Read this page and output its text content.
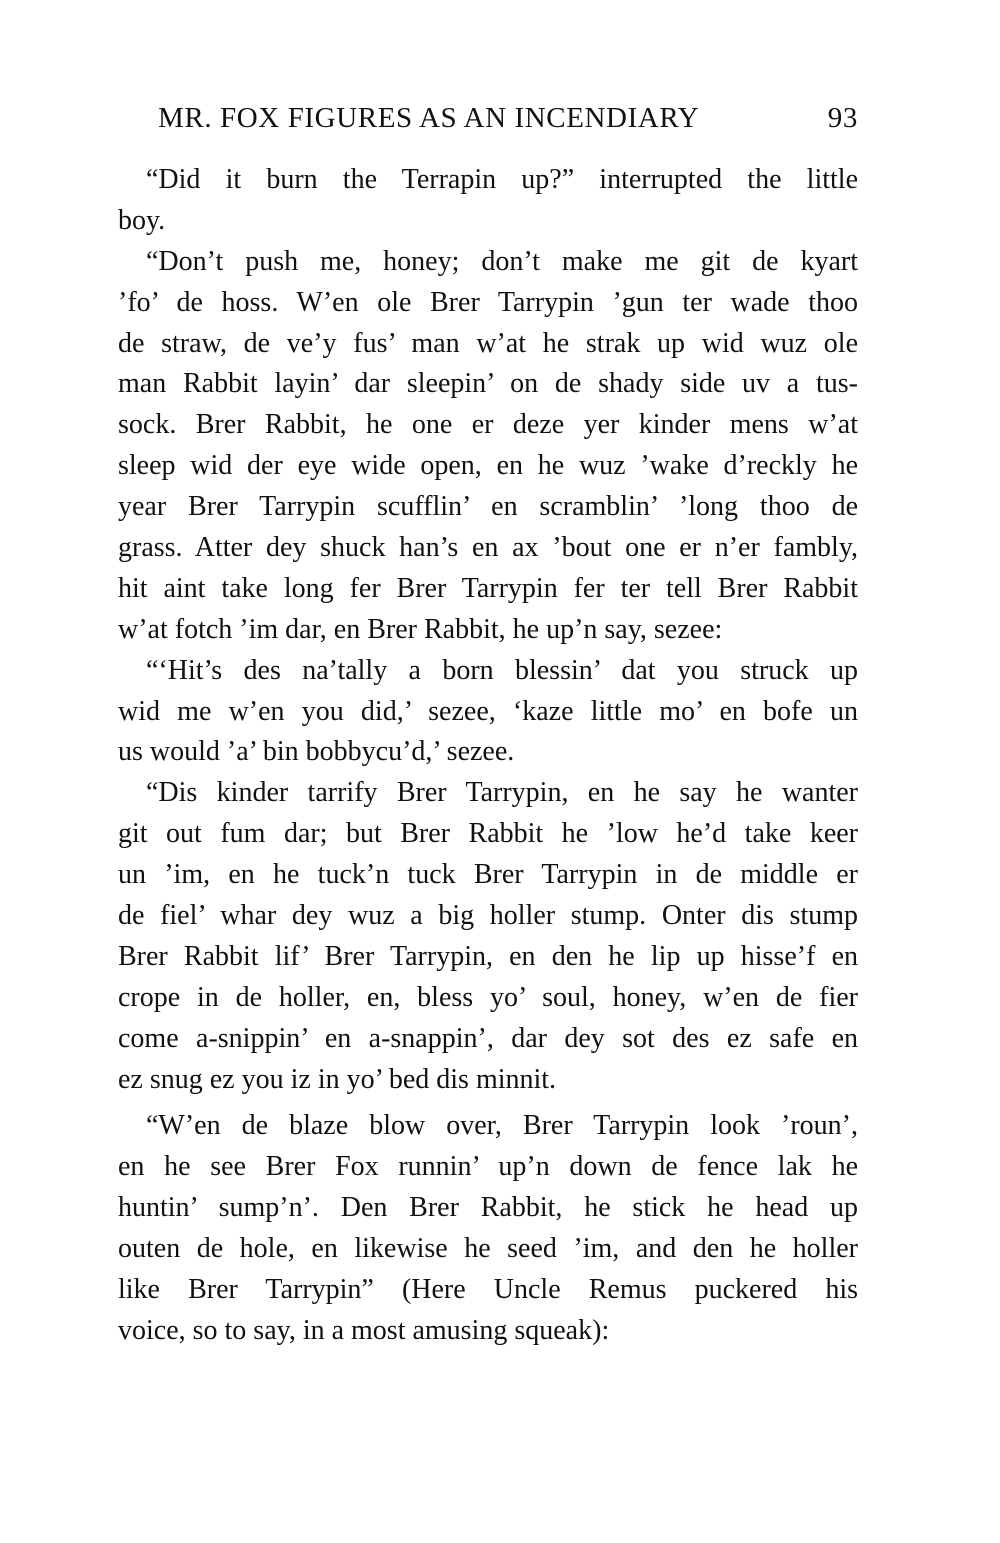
MR. FOX FIGURES AS AN INCENDIARY	93
“Did it burn the Terrapin up?” interrupted the little
boy.
“Don’t push me, honey; don’t make me git de kyart
’fo’ de hoss. W’en ole Brer Tarrypin ’gun ter wade thoo
de straw, de ve’y fus’ man w’at he strak up wid wuz ole
man Rabbit layin’ dar sleepin’ on de shady side uv a tus-
sock. Brer Rabbit, he one er deze yer kinder mens w’at
sleep wid der eye wide open, en he wuz ’wake d’reckly he
year Brer Tarrypin scufflin’ en scramblin’ ’long thoo de
grass. Atter dey shuck han’s en ax ’bout one er n’er fambly,
hit aint take long fer Brer Tarrypin fer ter tell Brer Rabbit
w’at fotch ’im dar, en Brer Rabbit, he up’n say, sezee:
“‘Hit’s des na’tally a born blessin’ dat you struck up
wid me w’en you did,’ sezee, ‘kaze little mo’ en bofe un
us would ’a’ bin bobbycu’d,’ sezee.
“Dis kinder tarrify Brer Tarrypin, en he say he wanter
git out fum dar; but Brer Rabbit he ’low he’d take keer
un ’im, en he tuck’n tuck Brer Tarrypin in de middle er
de fiel’ whar dey wuz a big holler stump. Onter dis stump
Brer Rabbit lif’ Brer Tarrypin, en den he lip up hisse’f en
crope in de holler, en, bless yo’ soul, honey, w’en de fier
come a-snippin’ en a-snappin’, dar dey sot des ez safe en
ez snug ez you iz in yo’ bed dis minnit.
“W’en de blaze blow over, Brer Tarrypin look ’roun’,
en he see Brer Fox runnin’ up’n down de fence lak he
huntin’ sump’n’. Den Brer Rabbit, he stick he head up
outen de hole, en likewise he seed ’im, and den he holler
like Brer Tarrypin” (Here Uncle Remus puckered his
voice, so to say, in a most amusing squeak):
